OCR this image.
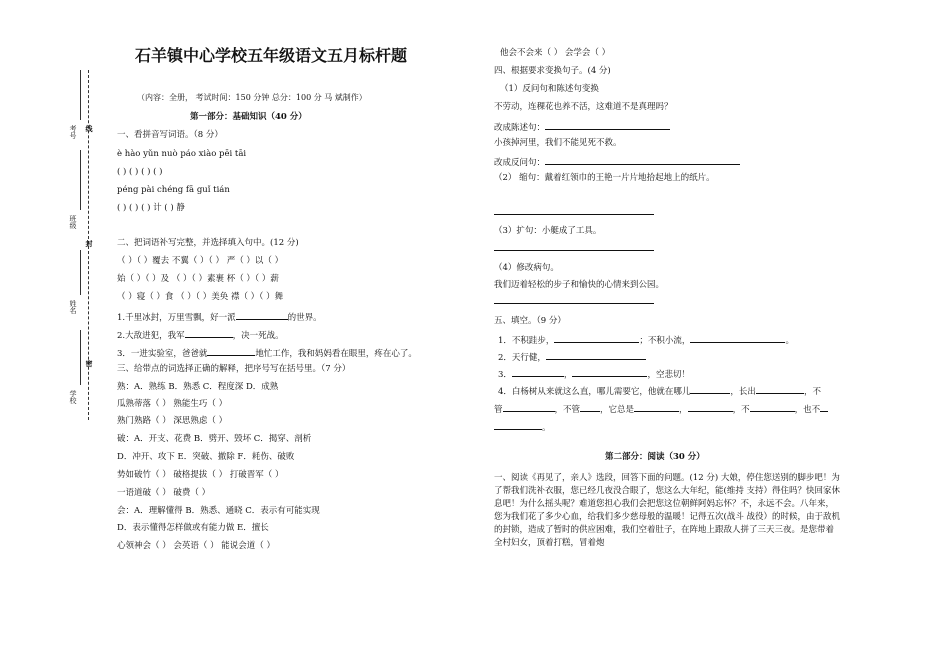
考号 线
班级
封
姓名
密
学校
石羊镇中心学校五年级语文五月标杆题
（内容：全册， 考试时间：150 分钟 总分：100 分 马 斌制作）
第一部分：基础知识（40 分）
一、看拼音写词语。（8 分）
è hào yǔn nuò páo xiào pēi tāi
( ) ( ) ( ) ( )
péng pài chéng fā guǐ tián
( ) ( ) ( ) 计 ( ) 静
二、把词语补写完整，并选择填入句中。(12 分)
（ ）（ ）覆去 不翼（ ）（ ） 严（ ）以（ ）
始（ ）（ ）及 （ ）（ ）素裹 杯（ ）（ ）薪
（ ）寝（ ）食 （ ）（ ）美奂 襟（ ）（ ）舞
1.千里冰封，万里雪飘，好一派	的世界。
2.大敌进犯，我军	，决一死战。
3．一进实验室，爸爸就	地忙工作，我和妈妈看在眼里，疼在心了。
三、给带点的词选择正确的解释，把序号写在括号里。（7 分）
熟：A．熟练 B．熟悉 C．程度深 D．成熟
瓜熟蒂落（ ） 熟能生巧（ ）
熟门熟路（ ） 深思熟虑（ ）
破：A．开支、花费 B．劈开、毁坏 C．揭穿、剖析
D．冲开、攻下 E．突破、撤除 F．耗伤、破败
势如破竹（ ） 破格提拔（ ） 打破晋军（ ）
一语道破（ ） 破费（ ）
会：A．理解懂得 B．熟悉、通晓 C．表示有可能实现
D．表示懂得怎样做或有能力做 E．擅长
心领神会（ ） 会英语（ ） 能说会道（ ）
他会不会来（ ） 会学会（ ）
四、根据要求变换句子。(4 分)
（1）反问句和陈述句变换
不劳动，连稞花也养不活，这难道不是真理吗？
改成陈述句：
小孩掉河里，我们不能见死不救。
改成反问句：
（2） 缩句：戴着红领巾的王艳一片片地拾起地上的纸片。
（3）扩句：小艇成了工具。
（4）修改病句。
我们迈着轻松的步子和愉快的心情来到公园。
五、填空。（9 分）
1．不积跬步，	；不积小流，	。
2．天行健，
3．	，	，空悲切！
4．白杨树从来就这么直，哪儿需要它，他就在哪儿	，长出	，不
管	，不管 ，它总是	，	，不	，也不
。
第二部分：阅读（30 分）
一、阅读《再见了，亲人》选段，回答下面的问题。(12 分) 大娘，停住您送别的脚步吧！为了帮我们洗补衣服，您已经几夜没合眼了，您这么大年纪，能(维持 支持）得住吗？快回家休息吧！为什么摇头呢？难道您担心我们会把您这位朝鲜阿妈忘怀？不，永远不会。八年来，您为我们花了多少心血，给我们多少慈母般的温暖！记得五次(战斗 战役）的时候，由于敌机的封锁，造成了暂时的供应困难，我们空着肚子，在阵地上跟敌人拼了三天三夜。是您带着全村妇女，顶着打糕，冒着炮
